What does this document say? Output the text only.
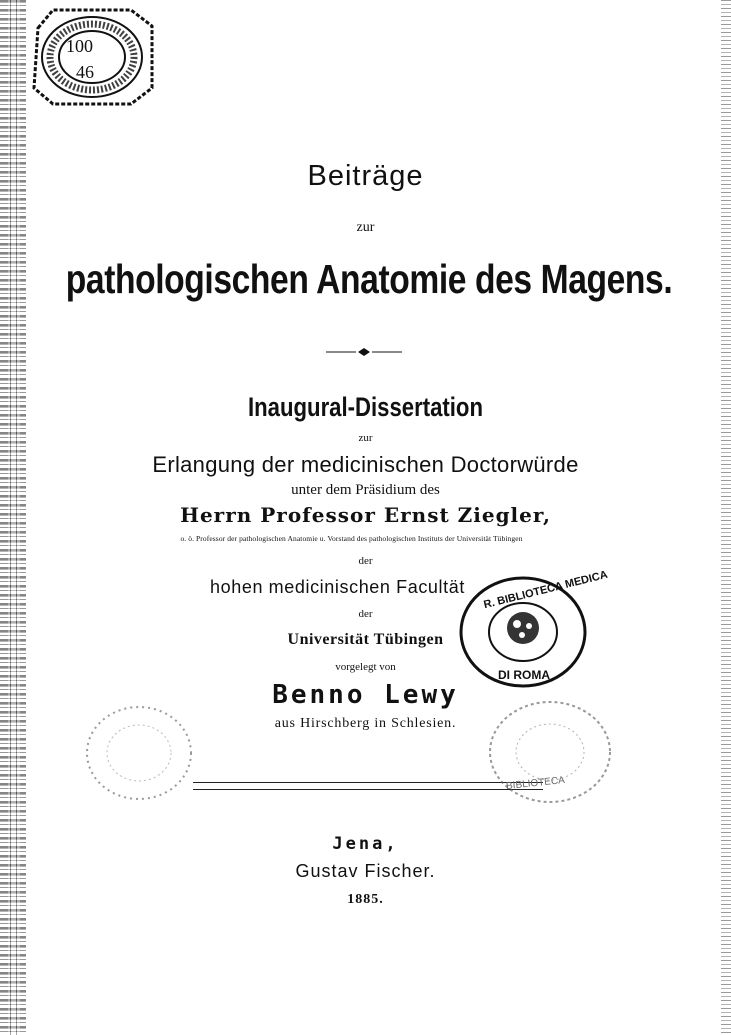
100
46
Beiträge
zur
pathologischen Anatomie des Magens.
Inaugural-Dissertation
zur
Erlangung der medicinischen Doctorwürde
unter dem Präsidium des
Herrn Professor Ernst Ziegler,
o. ö. Professor der pathologischen Anatomie u. Vorstand des pathologischen Instituts der Universität Tübingen
der
hohen medicinischen Facultät
der
Universität Tübingen
vorgelegt von
Benno Lewy
aus Hirschberg in Schlesien.
R. BIBLIOTECA MEDICA
DI ROMA
BIBLIOTECA
Jena,
Gustav Fischer.
1885.
